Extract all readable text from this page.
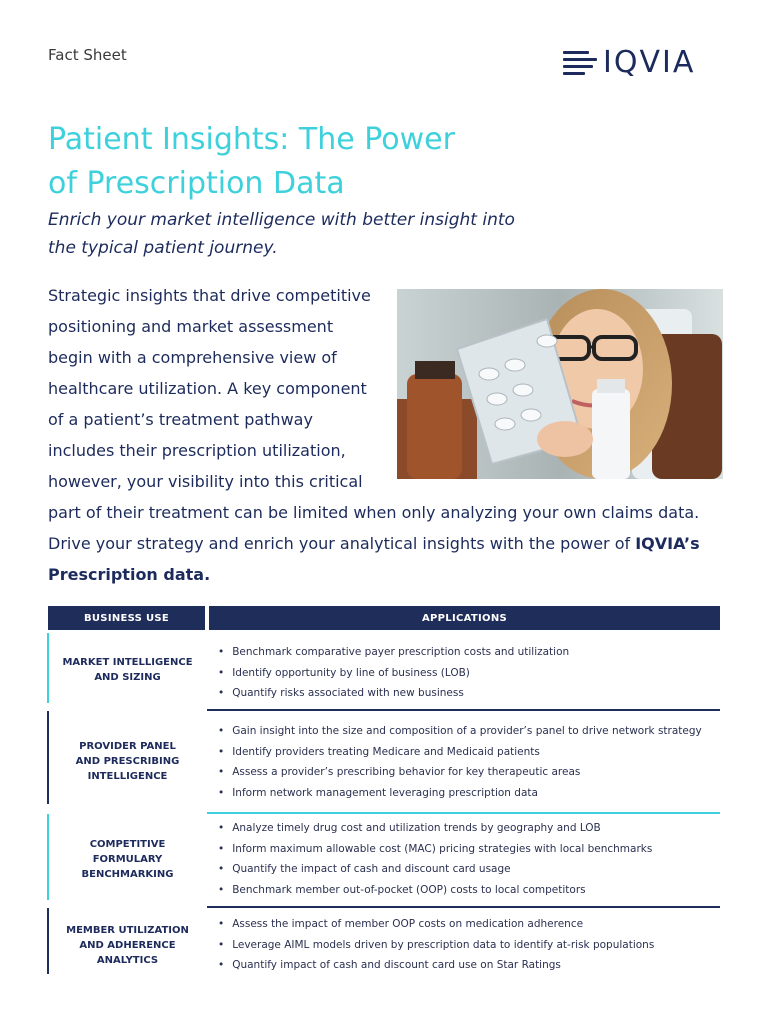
Fact Sheet	IQVIA
Patient Insights: The Power
of Prescription Data

Enrich your market intelligence with better insight into
the typical patient journey.

Strategic insights that drive competitive
positioning and market assessment
begin with a comprehensive view of
healthcare utilization. A key component
of a patient’s treatment pathway
includes their prescription utilization,
however, your visibility into this critical

part of their treatment can be limited when only analyzing your own claims data.
Drive your strategy and enrich your analytical insights with the power of IQVIA’s
Prescription data.

BUSINESS USE	APPLICATIONS
MARKET INTELLIGENCE
AND SIZING
• Benchmark comparative payer prescription costs and utilization
• Identify opportunity by line of business (LOB)
• Quantify risks associated with new business
PROVIDER PANEL
AND PRESCRIBING
INTELLIGENCE
• Gain insight into the size and composition of a provider’s panel to drive network strategy
• Identify providers treating Medicare and Medicaid patients
• Assess a provider’s prescribing behavior for key therapeutic areas
• Inform network management leveraging prescription data
COMPETITIVE
FORMULARY
BENCHMARKING
• Analyze timely drug cost and utilization trends by geography and LOB
• Inform maximum allowable cost (MAC) pricing strategies with local benchmarks
• Quantify the impact of cash and discount card usage
• Benchmark member out-of-pocket (OOP) costs to local competitors
MEMBER UTILIZATION
AND ADHERENCE
ANALYTICS
• Assess the impact of member OOP costs on medication adherence
• Leverage AIML models driven by prescription data to identify at-risk populations
• Quantify impact of cash and discount card use on Star Ratings
